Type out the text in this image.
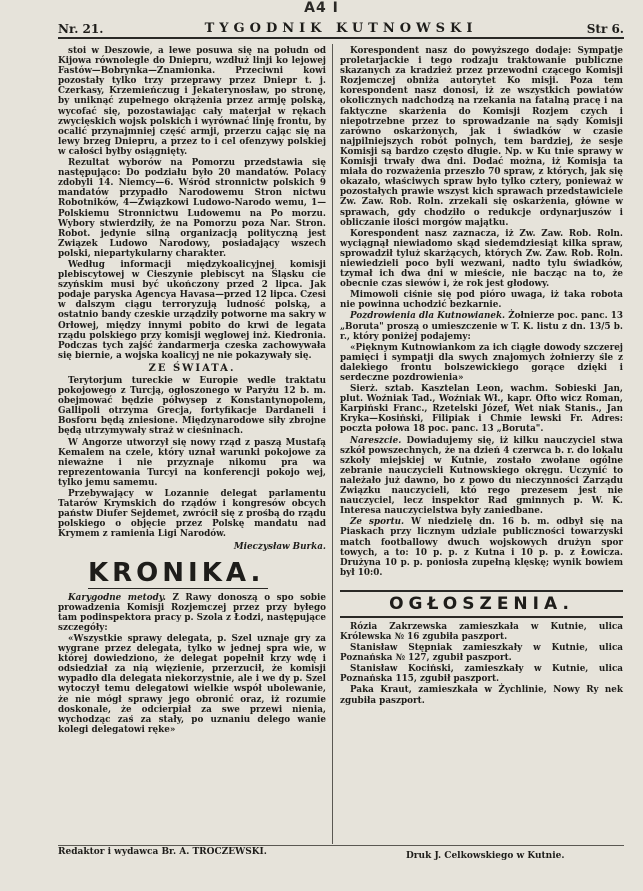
A4 I
Nr. 21.	TYGODNIK KUTNOWSKI	Str 6.

stoi w Deszowie, a lewe posuwa się na połudn od Kijowa równolegle do Dniepru, wzdłuż linji ko lejowej Fastów—Bobrynka—Znamionka. Przeciwni kowi pozostały tylko trzy przeprawy przez Dniepr t. j. Czerkasy, Krzemieńczug i Jekaterynosław, po stronę, by uniknąć zupełnego okrążenia przez armję polską, wycofać się, pozostawiając cały materjał w rękach zwycięskich wojsk polskich i wyrównać linję frontu, by ocalić przynajmniej część armji, przerzu cając się na lewy brzeg Dniepru, a przez to i cel ofenzywy polskiej w całości byłby osiągnięty.

Rezultat wyborów na Pomorzu przedstawia się następująco: Do podziału było 20 mandatów. Polacy zdobyli 14. Niemcy—6. Wśród stronnictw polskich 9 mandatów przypadło Narodowemu Stron nictwu Robotników, 4—Związkowi Ludowo-Narodo wemu, 1—Polskiemu Stronnictwu Ludowemu na Po morzu. Wybory stwierdziły, że na Pomorzu poza Nar. Stron. Robot. jedynie silną organizacją polityczną jest Związek Ludowo Narodowy, posiadający wszech polski, niepartykularny charakter.

Według informacji międzykoalicyjnej komisji plebiscytowej w Cieszynie plebiscyt na Śląsku cie szyńskim musi być ukończony przed 2 lipca. Jak podaje paryska Agencya Havasa—przed 12 lipca. Czesi w dalszym ciągu terroryzują ludność polską, a ostatnio bandy czeskie urządziły potworne ma sakry w Orłowej, między innymi pobito do krwi de legata rządu polskiego przy komisji węglowej inż. Kiedronia. Podczas tych zajść żandarmerja czeska zachowywała się biernie, a wojska koalicyj ne nie pokazywały się.

ZE ŚWIATA.

Terytorjum tureckie w Europie wedle traktatu pokojowego z Turcją, ogłoszonego w Paryżu 12 b. m. obejmować będzie półwysep z Konstantynopolem, Gallipoli otrzyma Grecja, fortyfikacje Dardaneli i Bosforu będą zniesione. Międzynarodowe siły zbrojne będą utrzymywały straż w cieśninach.

W Angorze utworzył się nowy rząd z paszą Mustafą Kemalem na czele, który uznał warunki pokojowe za nieważne i nie przyznaje nikomu pra wa reprezentowania Turcyi na konferencji pokojo wej, tylko jemu samemu.

Przebywający w Lozannie delegat parlamentu Tatarów Krymskich do rządów i kongresów obcych państw Diufer Sejdemet, zwrócił się z prośbą do rządu polskiego o objęcie przez Polskę mandatu nad Krymem z ramienia Ligi Narodów.

Mieczysław Burka.
KRONIKA.

Karygodne metody. Z Rawy donoszą o spo sobie prowadzenia Komisji Rozjemczej przez przy byłego tam podinspektora pracy p. Szola z Łodzi, następujące szczegóły:

«Wszystkie sprawy delegata, p. Szel uznaje gry za wygrane przez delegata, tylko w jednej spra wie, w której dowiedziono, że delegat popełnił krzy wdę i odsiedział za nią więzienie, przerzucił, że komisji wypadło dla delegata niekorzystnie, ale i we dy p. Szel wytoczył temu delegatowi wielkie współ ubolewanie, że nie mógł sprawy jego obronić oraz, iż rozumie doskonale, że odcierpiał za swe przewi nienia, wychodząc zaś za stały, po uznaniu delego wanie kolegi delegatowi ręke»

Korespondent nasz do powyższego dodaje: Sympatje proletarjackie i tego rodzaju traktowanie publiczne skazanych za kradzież przez przewodni czącego Komisji Rozjemczej obniża autorytet Ko misji. Poza tem korespondent nasz donosi, iż ze wszystkich powiatów okolicznych nadchodzą na rzekania na fatalną pracę i na faktyczne skarżenia do Komisji Rozjem czych i niepotrzebne przez to sprowadzanie na sądy Komisji zarówno oskarżonych, jak i świadków w czasie najpilniejszych robót polnych, tem bardziej, że sesje Komisji są bardzo często długie. Np. w Ku tnie sprawy w Komisji trwały dwa dni. Dodać można, iż Komisja ta miała do rozważenia przeszło 70 spraw, z których, jak się okazało, właściwych spraw było tylko cztery, ponieważ w pozostałych prawie wszyst kich sprawach przedstawiciele Zw. Zaw. Rob. Roln. zrzekali się oskarżenia, główne w sprawach, gdy chodziło o redukcje ordynarjuszów i obliczanie ilości morgów majątku.

Korespondent nasz zaznacza, iż Zw. Zaw. Rob. Roln. wyciągnął niewiadomo skąd siedemdziesiąt kilka spraw, sprowadził tyluż skarżących, których Zw. Zaw. Rob. Roln. niewiedzieli poco byli wezwani, nadto tylu świadków, tzymał ich dwa dni w mieście, nie bacząc na to, że obecnie czas siewów i, że rok jest głodowy.

Mimowoli ciśnie się pod pióro uwaga, iż taka robota nie powinna uchodzić bezkarnie.

Pozdrowienia dla Kutnowianek. Żołnierze poc. panc. 13 „Boruta" proszą o umieszczenie w T. K. listu z dn. 13/5 b. r., który poniżej podajemy:

«Pięknym Kutnowiankom za ich ciągłe dowody szczerej pamięci i sympatji dla swych znajomych żołnierzy śle z dalekiego frontu bolszewickiego gorące dzięki i serdeczne pozdrowienia»

Sierż. sztab. Kasztelan Leon, wachm. Sobieski Jan, plut. Woźniak Tad., Woźniak Wł., kapr. Ofto wicz Roman, Karpiński Franc., Rzetelski Józef, Wet niak Stanis., Jan Kryka—Kosiński, Filipiak i Chmie lewski Fr. Adres: poczta połowa 18 poc. panc. 13 „Boruta".

Nareszcie. Dowiadujemy się, iż kilku nauczyciel stwa szkół powszechnych, że na dzień 4 czerwca b. r. do lokalu szkoły miejskiej w Kutnie, zostało zwołane ogólne zebranie nauczycieli Kutnowskiego okręgu. Uczynić to należało już dawno, bo z powo du nieczynności Zarządu Związku nauczycieli, któ rego prezesem jest nie nauczyciel, lecz inspektor Rad gminnych p. W. K. Interesa nauczycielstwa były zaniedbane.

Ze sportu. W niedzielę dn. 16 b. m. odbył się na Piaskach przy licznym udziale publiczności towarzyski match footballowy dwuch wojskowych drużyn spor towych, a to: 10 p. p. z Kutna i 10 p. p. z Łowicza. Drużyna 10 p. p. poniosła zupełną klęskę; wynik bowiem był 10:0.

OGŁOSZENIA.

Rózia Zakrzewska zamieszkała w Kutnie, ulica Królewska № 16 zgubiła paszport.

Stanisław Stępniak zamieszkały w Kutnie, ulica Poznańska № 127, zgubił paszport.

Stanisław Kociński, zamieszkały w Kutnie, ulica Poznańska 115, zgubił paszport.

Paka Kraut, zamieszkała w Żychlinie, Nowy Ry nek zgubiła paszport.

Redaktor i wydawca Br. A. TROCZEWSKI.	Druk J. Celkowskiego w Kutnie.
